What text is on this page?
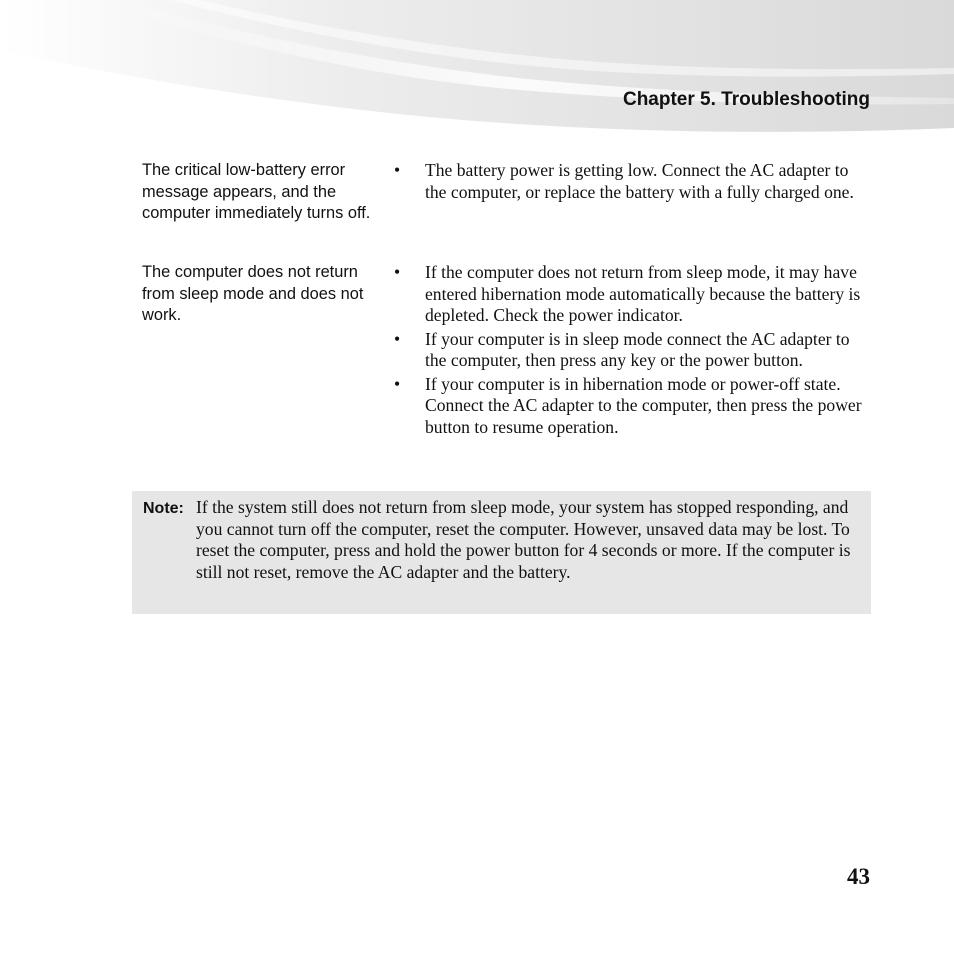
Chapter 5. Troubleshooting
The critical low-battery error message appears, and the computer immediately turns off.
• The battery power is getting low. Connect the AC adapter to the computer, or replace the battery with a fully charged one.
The computer does not return from sleep mode and does not work.
• If the computer does not return from sleep mode, it may have entered hibernation mode automatically because the battery is depleted. Check the power indicator.
• If your computer is in sleep mode connect the AC adapter to the computer, then press any key or the power button.
• If your computer is in hibernation mode or power-off state. Connect the AC adapter to the computer, then press the power button to resume operation.
Note: If the system still does not return from sleep mode, your system has stopped responding, and you cannot turn off the computer, reset the computer. However, unsaved data may be lost. To reset the computer, press and hold the power button for 4 seconds or more. If the computer is still not reset, remove the AC adapter and the battery.
43
